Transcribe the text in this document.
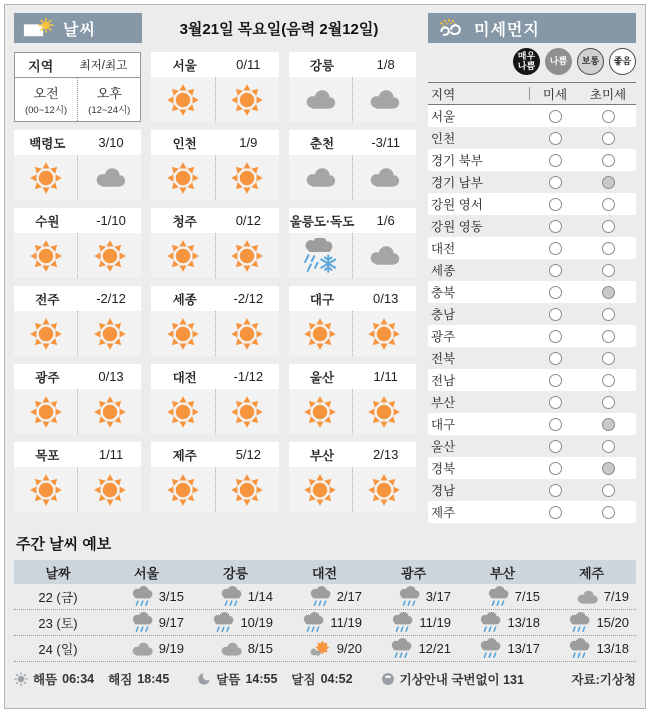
날씨	3월21일 목요일(음력 2월12일)
지역 최저/최고
오전
(00~12시)
오후
(12~24시)
서울	0/11	강릉	1/8
백령도	3/10	인천	1/9	춘천	-3/11
수원	-1/10	청주	0/12	울릉도·독도	1/6
전주	-2/12	세종	-2/12	대구	0/13
광주	0/13	대전	-1/12	울산	1/11
목포	1/11	제주	5/12	부산	2/13
미세먼지
매우나쁨	나쁨	보통	좋음
지역	미세	초미세
서울
인천
경기 북부
경기 남부
강원 영서
강원 영동
대전
세종
충북
충남
광주
전북
전남
부산
대구
울산
경북
경남
제주
주간 날씨 예보
날짜	서울	강릉	대전	광주	부산	제주
22 (금)	3/15	1/14	2/17	3/17	7/15	7/19
23 (토)	9/17	10/19	11/19	11/19	13/18	15/20
24 (일)	9/19	8/15	9/20	12/21	13/17	13/18
해뜸 06:34 해짐 18:45	달뜸 14:55 달짐 04:52	기상안내 국번없이 131	자료:기상청
